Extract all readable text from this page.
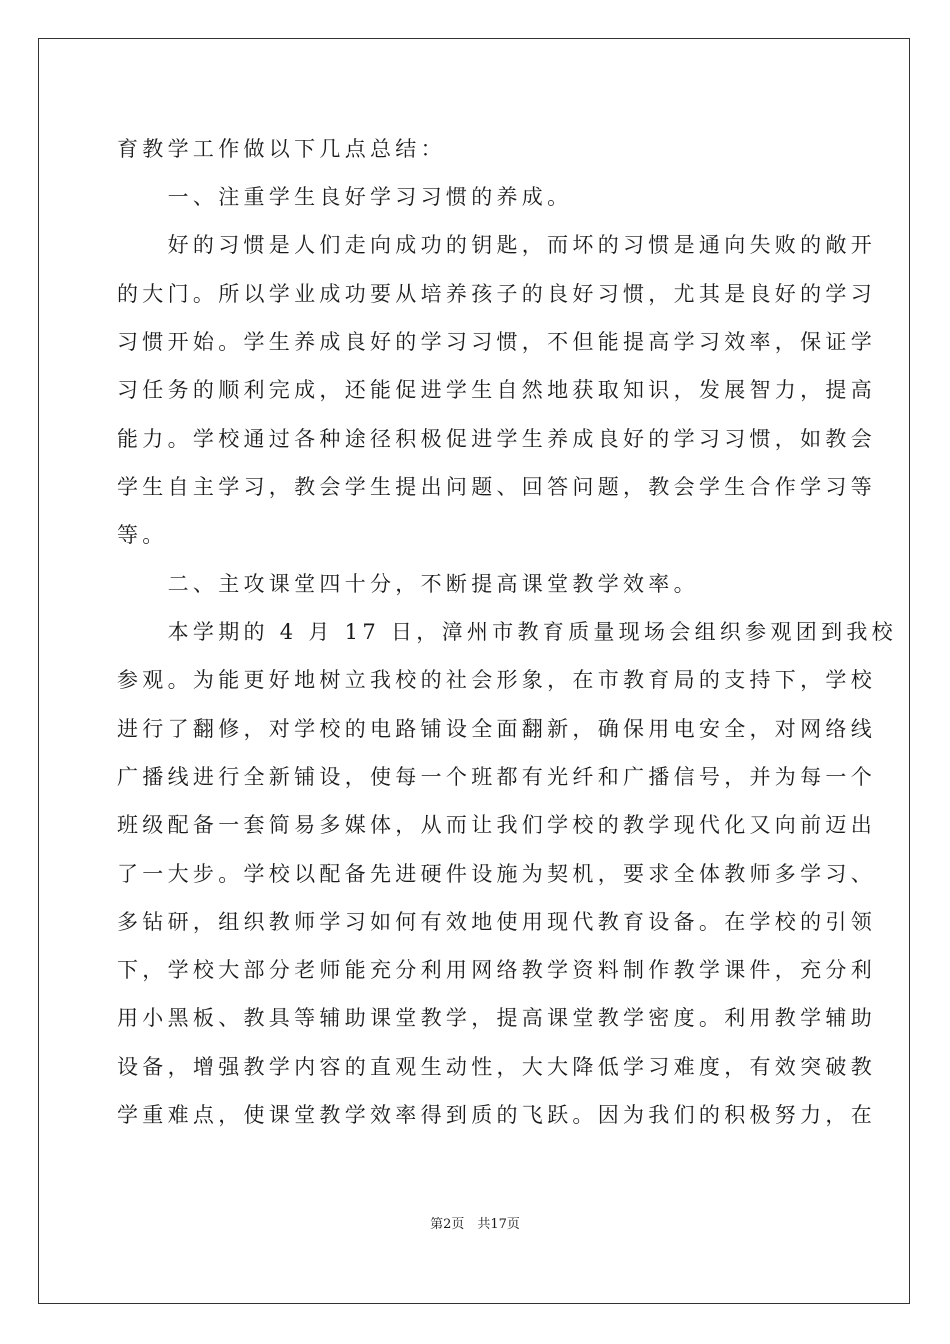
育教学工作做以下几点总结：
　　一、注重学生良好学习习惯的养成。
　　好的习惯是人们走向成功的钥匙，而坏的习惯是通向失败的敞开
的大门。所以学业成功要从培养孩子的良好习惯，尤其是良好的学习
习惯开始。学生养成良好的学习习惯，不但能提高学习效率，保证学
习任务的顺利完成，还能促进学生自然地获取知识，发展智力，提高
能力。学校通过各种途径积极促进学生养成良好的学习习惯，如教会
学生自主学习，教会学生提出问题、回答问题，教会学生合作学习等
等。
　　二、主攻课堂四十分，不断提高课堂教学效率。
　　本学期的 4 月 17 日，漳州市教育质量现场会组织参观团到我校
参观。为能更好地树立我校的社会形象，在市教育局的支持下，学校
进行了翻修，对学校的电路铺设全面翻新，确保用电安全，对网络线
广播线进行全新铺设，使每一个班都有光纤和广播信号，并为每一个
班级配备一套简易多媒体，从而让我们学校的教学现代化又向前迈出
了一大步。学校以配备先进硬件设施为契机，要求全体教师多学习、
多钻研，组织教师学习如何有效地使用现代教育设备。在学校的引领
下，学校大部分老师能充分利用网络教学资料制作教学课件，充分利
用小黑板、教具等辅助课堂教学，提高课堂教学密度。利用教学辅助
设备，增强教学内容的直观生动性，大大降低学习难度，有效突破教
学重难点，使课堂教学效率得到质的飞跃。因为我们的积极努力，在
第2页　共17页
